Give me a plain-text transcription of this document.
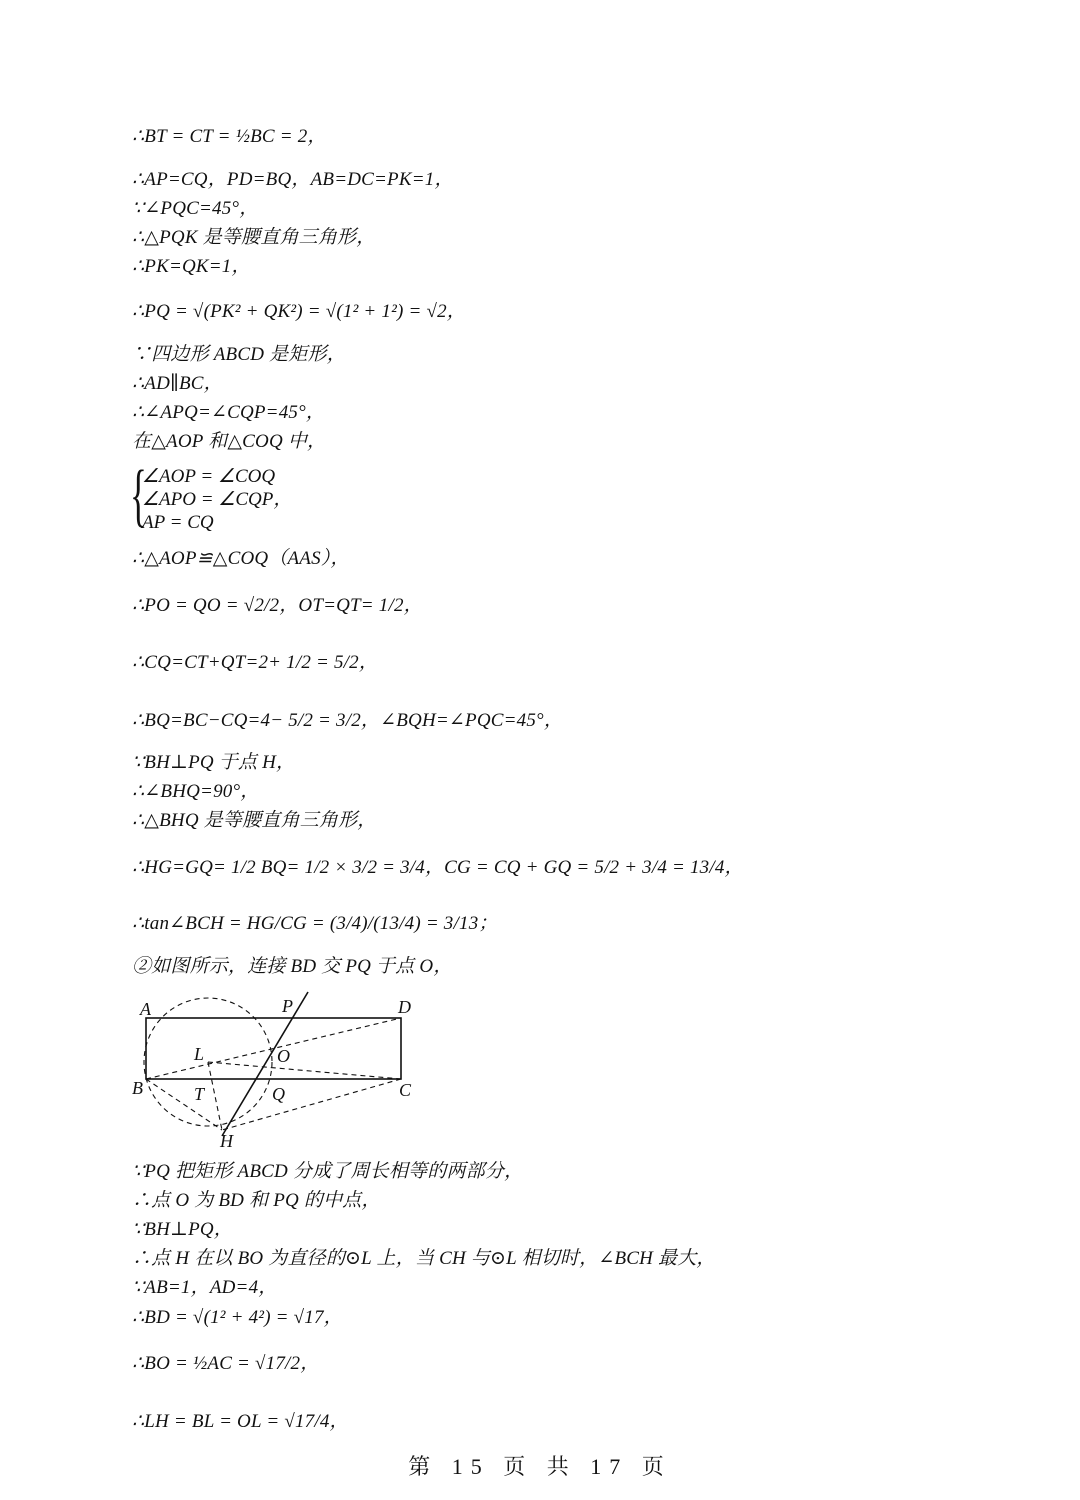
∴BT = CT = ½BC = 2，
∴AP=CQ，PD=BQ，AB=DC=PK=1，
∵∠PQC=45°，
∴△PQK 是等腰直角三角形，
∴PK=QK=1，
∴PQ = √(PK² + QK²) = √(1² + 1²) = √2，
∵四边形 ABCD 是矩形，
∴AD∥BC，
∴∠APQ=∠CQP=45°，
在△AOP 和△COQ 中，
{
∠AOP = ∠COQ
∠APO = ∠CQP，
AP = CQ
∴△AOP≌△COQ（AAS），
∴PO = QO = √2/2，OT=QT= 1/2，
∴CQ=CT+QT=2+ 1/2 = 5/2，
∴BQ=BC−CQ=4− 5/2 = 3/2，∠BQH=∠PQC=45°，
∵BH⊥PQ 于点 H，
∴∠BHQ=90°，
∴△BHQ 是等腰直角三角形，
∴HG=GQ= 1/2 BQ= 1/2 × 3/2 = 3/4，CG = CQ + GQ = 5/2 + 3/4 = 13/4，
∴tan∠BCH = HG/CG = (3/4)/(13/4) = 3/13；
②如图所示，连接 BD 交 PQ 于点 O，
A	P	D
L	O
B	T	Q	C
H
∵PQ 把矩形 ABCD 分成了周长相等的两部分，
∴点 O 为 BD 和 PQ 的中点，
∵BH⊥PQ，
∴点 H 在以 BO 为直径的⊙L 上，当 CH 与⊙L 相切时，∠BCH 最大，
∵AB=1，AD=4，
∴BD = √(1² + 4²) = √17，
∴BO = ½AC = √17/2，
∴LH = BL = OL = √17/4，
第 15 页 共 17 页
